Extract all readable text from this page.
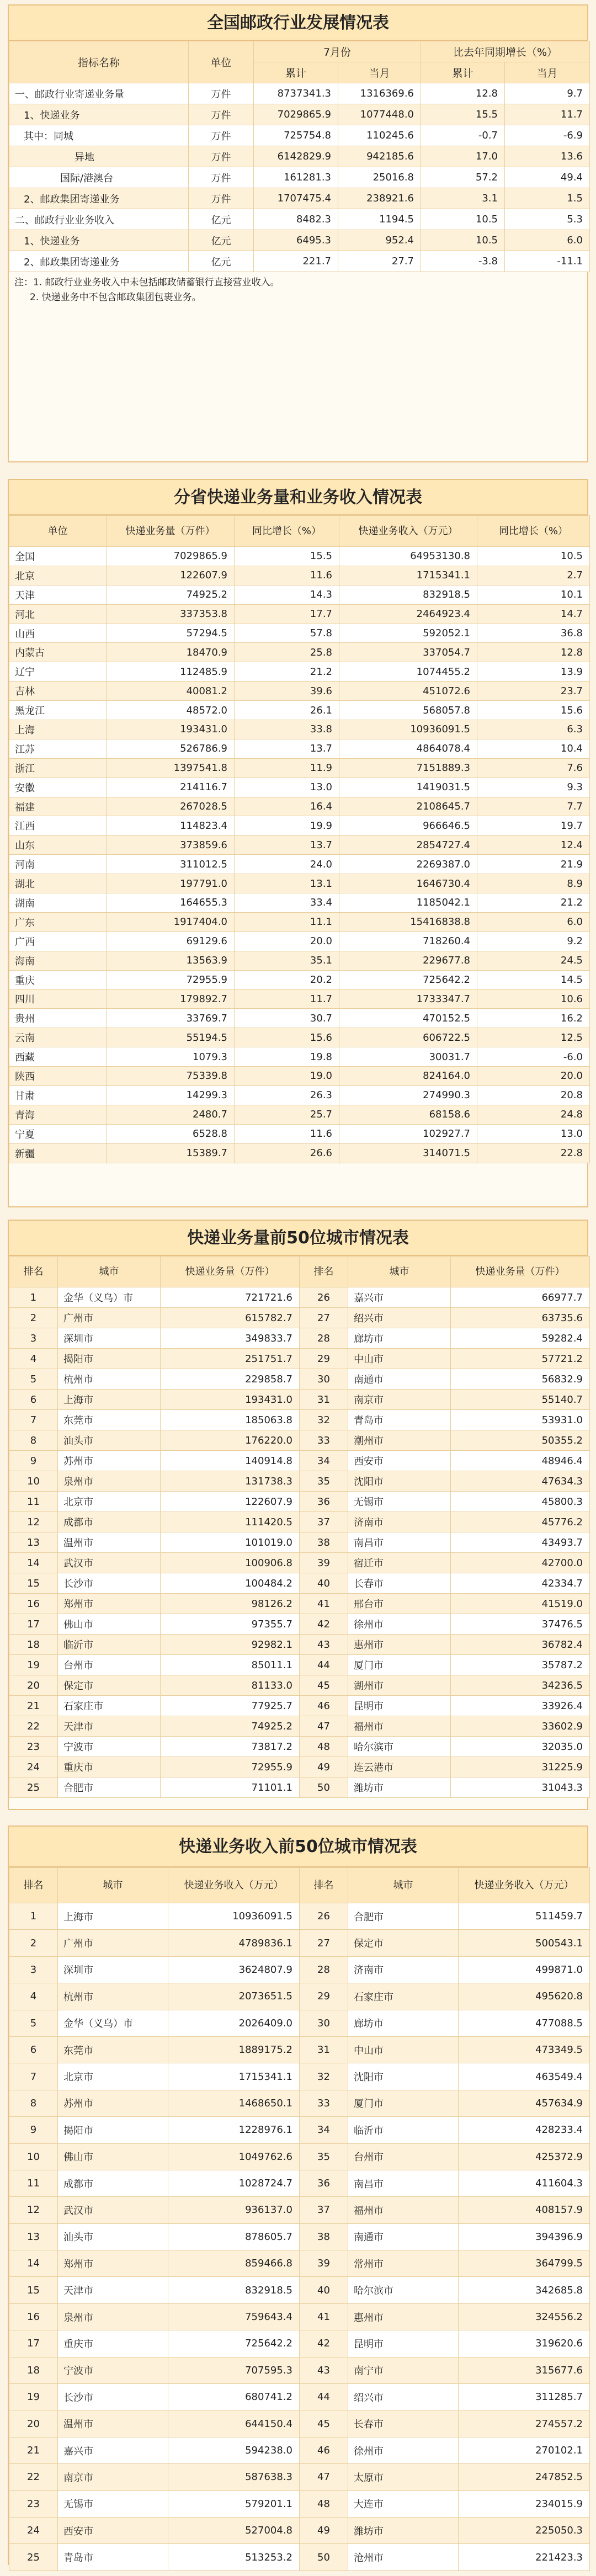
全国邮政行业发展情况表
指标名称	单位	7月份		比去年同期增长（%）	
		累计	当月	累计	当月
一、邮政行业寄递业务量	万件	8737341.3	1316369.6	12.8	9.7
1、快递业务	万件	7029865.9	1077448.0	15.5	11.7
其中：同城	万件	725754.8	110245.6	-0.7	-6.9
异地	万件	6142829.9	942185.6	17.0	13.6
国际/港澳台	万件	161281.3	25016.8	57.2	49.4
2、邮政集团寄递业务	万件	1707475.4	238921.6	3.1	1.5
二、邮政行业业务收入	亿元	8482.3	1194.5	10.5	5.3
1、快递业务	亿元	6495.3	952.4	10.5	6.0
2、邮政集团寄递业务	亿元	221.7	27.7	-3.8	-11.1
注：1. 邮政行业业务收入中未包括邮政储蓄银行直接营业收入。
2. 快递业务中不包含邮政集团包裹业务。
分省快递业务量和业务收入情况表
单位	快递业务量（万件）	同比增长（%）	快递业务收入（万元）	同比增长（%）
全国	7029865.9	15.5	64953130.8	10.5
北京	122607.9	11.6	1715341.1	2.7
天津	74925.2	14.3	832918.5	10.1
河北	337353.8	17.7	2464923.4	14.7
山西	57294.5	57.8	592052.1	36.8
内蒙古	18470.9	25.8	337054.7	12.8
辽宁	112485.9	21.2	1074455.2	13.9
吉林	40081.2	39.6	451072.6	23.7
黑龙江	48572.0	26.1	568057.8	15.6
上海	193431.0	33.8	10936091.5	6.3
江苏	526786.9	13.7	4864078.4	10.4
浙江	1397541.8	11.9	7151889.3	7.6
安徽	214116.7	13.0	1419031.5	9.3
福建	267028.5	16.4	2108645.7	7.7
江西	114823.4	19.9	966646.5	19.7
山东	373859.6	13.7	2854727.4	12.4
河南	311012.5	24.0	2269387.0	21.9
湖北	197791.0	13.1	1646730.4	8.9
湖南	164655.3	33.4	1185042.1	21.2
广东	1917404.0	11.1	15416838.8	6.0
广西	69129.6	20.0	718260.4	9.2
海南	13563.9	35.1	229677.8	24.5
重庆	72955.9	20.2	725642.2	14.5
四川	179892.7	11.7	1733347.7	10.6
贵州	33769.7	30.7	470152.5	16.2
云南	55194.5	15.6	606722.5	12.5
西藏	1079.3	19.8	30031.7	-6.0
陕西	75339.8	19.0	824164.0	20.0
甘肃	14299.3	26.3	274990.3	20.8
青海	2480.7	25.7	68158.6	24.8
宁夏	6528.8	11.6	102927.7	13.0
新疆	15389.7	26.6	314071.5	22.8
快递业务量前50位城市情况表
排名	城市	快递业务量（万件）	排名	城市	快递业务量（万件）
1	金华（义乌）市	721721.6	26	嘉兴市	66977.7
2	广州市	615782.7	27	绍兴市	63735.6
3	深圳市	349833.7	28	廊坊市	59282.4
4	揭阳市	251751.7	29	中山市	57721.2
5	杭州市	229858.7	30	南通市	56832.9
6	上海市	193431.0	31	南京市	55140.7
7	东莞市	185063.8	32	青岛市	53931.0
8	汕头市	176220.0	33	潮州市	50355.2
9	苏州市	140914.8	34	西安市	48946.4
10	泉州市	131738.3	35	沈阳市	47634.3
11	北京市	122607.9	36	无锡市	45800.3
12	成都市	111420.5	37	济南市	45776.2
13	温州市	101019.0	38	南昌市	43493.7
14	武汉市	100906.8	39	宿迁市	42700.0
15	长沙市	100484.2	40	长春市	42334.7
16	郑州市	98126.2	41	邢台市	41519.0
17	佛山市	97355.7	42	徐州市	37476.5
18	临沂市	92982.1	43	惠州市	36782.4
19	台州市	85011.1	44	厦门市	35787.2
20	保定市	81133.0	45	湖州市	34236.5
21	石家庄市	77925.7	46	昆明市	33926.4
22	天津市	74925.2	47	福州市	33602.9
23	宁波市	73817.2	48	哈尔滨市	32035.0
24	重庆市	72955.9	49	连云港市	31225.9
25	合肥市	71101.1	50	潍坊市	31043.3
快递业务收入前50位城市情况表
排名	城市	快递业务收入（万元）	排名	城市	快递业务收入（万元）
1	上海市	10936091.5	26	合肥市	511459.7
2	广州市	4789836.1	27	保定市	500543.1
3	深圳市	3624807.9	28	济南市	499871.0
4	杭州市	2073651.5	29	石家庄市	495620.8
5	金华（义乌）市	2026409.0	30	廊坊市	477088.5
6	东莞市	1889175.2	31	中山市	473349.5
7	北京市	1715341.1	32	沈阳市	463549.4
8	苏州市	1468650.1	33	厦门市	457634.9
9	揭阳市	1228976.1	34	临沂市	428233.4
10	佛山市	1049762.6	35	台州市	425372.9
11	成都市	1028724.7	36	南昌市	411604.3
12	武汉市	936137.0	37	福州市	408157.9
13	汕头市	878605.7	38	南通市	394396.9
14	郑州市	859466.8	39	常州市	364799.5
15	天津市	832918.5	40	哈尔滨市	342685.8
16	泉州市	759643.4	41	惠州市	324556.2
17	重庆市	725642.2	42	昆明市	319620.6
18	宁波市	707595.3	43	南宁市	315677.6
19	长沙市	680741.2	44	绍兴市	311285.7
20	温州市	644150.4	45	长春市	274557.2
21	嘉兴市	594238.0	46	徐州市	270102.1
22	南京市	587638.3	47	太原市	247852.5
23	无锡市	579201.1	48	大连市	234015.9
24	西安市	527004.8	49	潍坊市	225050.3
25	青岛市	513253.2	50	沧州市	221423.3
